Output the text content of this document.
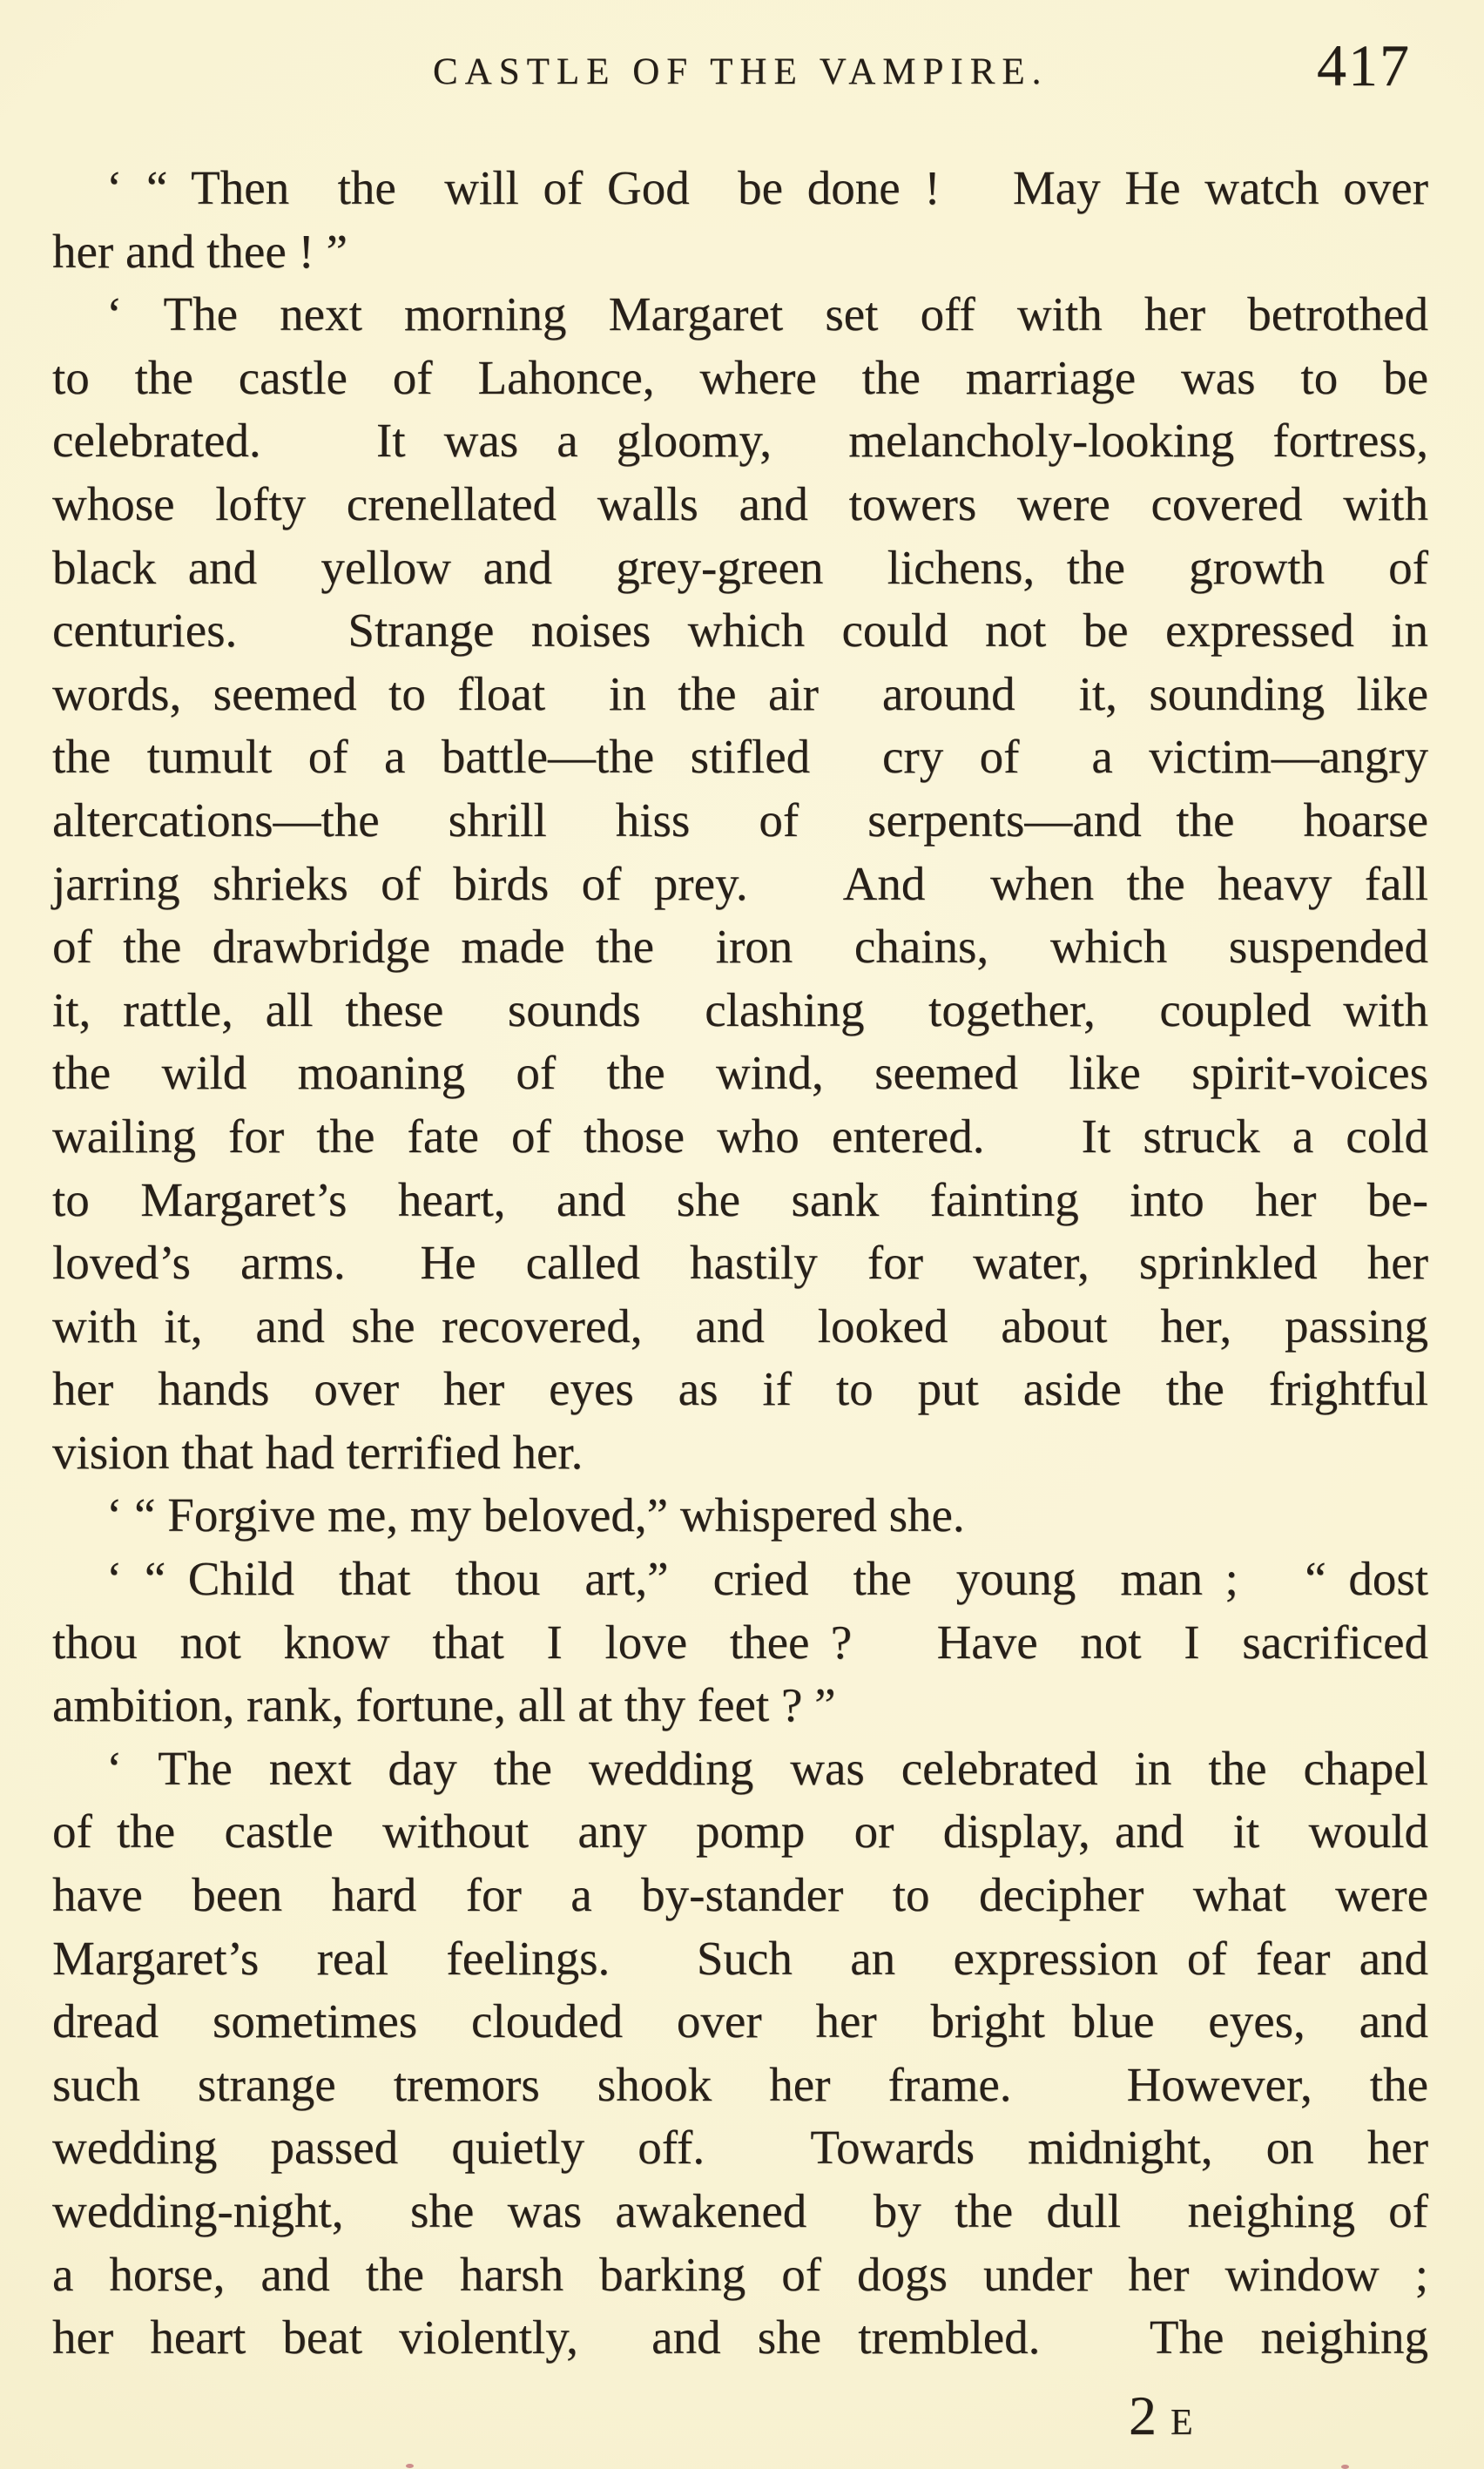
CASTLE OF THE VAMPIRE.	417
‘ “ Then  the  will of God  be done !   May He watch over
her and thee ! ”
‘ The next morning Margaret set off with her betrothed
to the castle of Lahonce, where the marriage was to be
celebrated.   It was a gloomy,  melancholy-looking fortress,
whose lofty crenellated walls and towers were covered with
black and  yellow and  grey-green  lichens, the  growth  of
centuries.   Strange noises which could not be expressed in
words, seemed to float  in the air  around  it, sounding like
the tumult of a battle—the stifled  cry of  a victim—angry
altercations—the  shrill  hiss  of  serpents—and the  hoarse
jarring shrieks of birds of prey.   And  when the heavy fall
of the drawbridge made the  iron  chains,  which  suspended
it, rattle, all these  sounds  clashing  together,  coupled with
the  wild  moaning  of  the  wind,  seemed  like  spirit-voices
wailing for the fate of those who entered.   It struck a cold
to  Margaret’s  heart,  and  she  sank  fainting  into  her  be-
loved’s  arms.   He  called  hastily  for  water,  sprinkled  her
with it,  and she recovered,  and  looked  about  her,  passing
her  hands  over  her  eyes  as  if  to  put  aside  the  frightful
vision that had terrified her.
‘ “ Forgive me, my beloved,” whispered she.
‘ “ Child  that  thou  art,”  cried  the  young  man ;   “ dost
thou  not  know  that  I  love  thee ?    Have  not  I  sacrificed
ambition, rank, fortune, all at thy feet ? ”
‘ The next day the wedding was celebrated in the chapel
of the  castle  without  any  pomp  or  display, and  it  would
have  been  hard  for  a  by-stander  to  decipher  what  were
Margaret’s  real  feelings.   Such  an  expression of fear and
dread  sometimes  clouded  over  her  bright blue  eyes,  and
such  strange  tremors  shook  her  frame.    However,  the
wedding  passed  quietly  off.    Towards  midnight,  on  her
wedding-night,  she was awakened  by the dull  neighing of
a horse, and the harsh barking of dogs under her window ;
her heart beat violently,  and she trembled.   The neighing
2 E
